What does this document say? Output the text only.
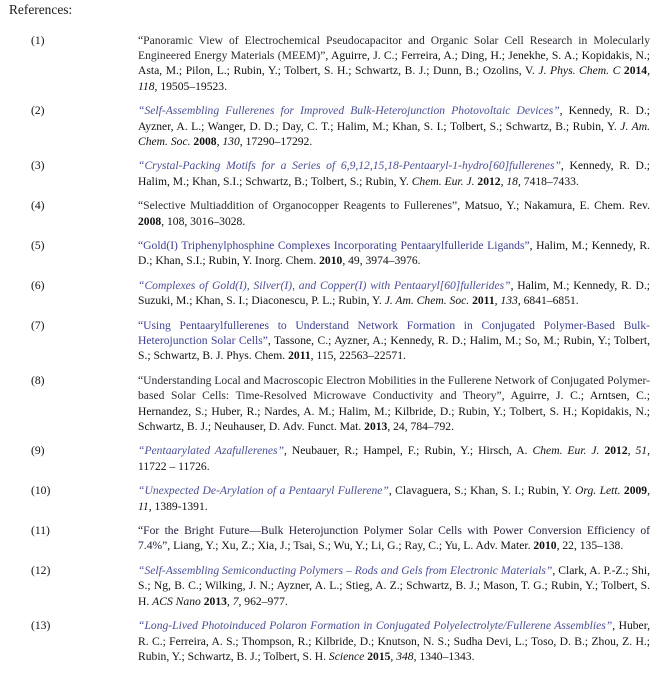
References:
(1)	“Panoramic View of Electrochemical Pseudocapacitor and Organic Solar Cell Research in Molecularly Engineered Energy Materials (MEEM)”, Aguirre, J. C.; Ferreira, A.; Ding, H.; Jenekhe, S. A.; Kopidakis, N.; Asta, M.; Pilon, L.; Rubin, Y.; Tolbert, S. H.; Schwartz, B. J.; Dunn, B.; Ozolins, V. J. Phys. Chem. C 2014, 118, 19505–19523.
(2)	“Self-Assembling Fullerenes for Improved Bulk-Heterojunction Photovoltaic Devices”, Kennedy, R. D.; Ayzner, A. L.; Wanger, D. D.; Day, C. T.; Halim, M.; Khan, S. I.; Tolbert, S.; Schwartz, B.; Rubin, Y. J. Am. Chem. Soc. 2008, 130, 17290–17292.
(3)	“Crystal-Packing Motifs for a Series of 6,9,12,15,18-Pentaaryl-1-hydro[60]fullerenes”, Kennedy, R. D.; Halim, M.; Khan, S.I.; Schwartz, B.; Tolbert, S.; Rubin, Y. Chem. Eur. J. 2012, 18, 7418–7433.
(4)	“Selective Multiaddition of Organocopper Reagents to Fullerenes”, Matsuo, Y.; Nakamura, E. Chem. Rev. 2008, 108, 3016–3028.
(5)	“Gold(I) Triphenylphosphine Complexes Incorporating Pentaarylfulleride Ligands”, Halim, M.; Kennedy, R. D.; Khan, S.I.; Rubin, Y. Inorg. Chem. 2010, 49, 3974–3976.
(6)	“Complexes of Gold(I), Silver(I), and Copper(I) with Pentaaryl[60]fullerides”, Halim, M.; Kennedy, R. D.; Suzuki, M.; Khan, S. I.; Diaconescu, P. L.; Rubin, Y. J. Am. Chem. Soc. 2011, 133, 6841–6851.
(7)	“Using Pentaarylfullerenes to Understand Network Formation in Conjugated Polymer-Based Bulk-Heterojunction Solar Cells”, Tassone, C.; Ayzner, A.; Kennedy, R. D.; Halim, M.; So, M.; Rubin, Y.; Tolbert, S.; Schwartz, B. J. Phys. Chem. 2011, 115, 22563–22571.
(8)	“Understanding Local and Macroscopic Electron Mobilities in the Fullerene Network of Conjugated Polymer-based Solar Cells: Time-Resolved Microwave Conductivity and Theory”, Aguirre, J. C.; Arntsen, C.; Hernandez, S.; Huber, R.; Nardes, A. M.; Halim, M.; Kilbride, D.; Rubin, Y.; Tolbert, S. H.; Kopidakis, N.; Schwartz, B. J.; Neuhauser, D. Adv. Funct. Mat. 2013, 24, 784–792.
(9)	“Pentaarylated Azafullerenes”, Neubauer, R.; Hampel, F.; Rubin, Y.; Hirsch, A. Chem. Eur. J. 2012, 51, 11722 – 11726.
(10)	“Unexpected De-Arylation of a Pentaaryl Fullerene”, Clavaguera, S.; Khan, S. I.; Rubin, Y. Org. Lett. 2009, 11, 1389-1391.
(11)	“For the Bright Future—Bulk Heterojunction Polymer Solar Cells with Power Conversion Efficiency of 7.4%”, Liang, Y.; Xu, Z.; Xia, J.; Tsai, S.; Wu, Y.; Li, G.; Ray, C.; Yu, L. Adv. Mater. 2010, 22, 135–138.
(12)	“Self-Assembling Semiconducting Polymers – Rods and Gels from Electronic Materials”, Clark, A. P.-Z.; Shi, S.; Ng, B. C.; Wilking, J. N.; Ayzner, A. L.; Stieg, A. Z.; Schwartz, B. J.; Mason, T. G.; Rubin, Y.; Tolbert, S. H. ACS Nano 2013, 7, 962–977.
(13)	“Long-Lived Photoinduced Polaron Formation in Conjugated Polyelectrolyte/Fullerene Assemblies”, Huber, R. C.; Ferreira, A. S.; Thompson, R.; Kilbride, D.; Knutson, N. S.; Sudha Devi, L.; Toso, D. B.; Zhou, Z. H.; Rubin, Y.; Schwartz, B. J.; Tolbert, S. H. Science 2015, 348, 1340–1343.
